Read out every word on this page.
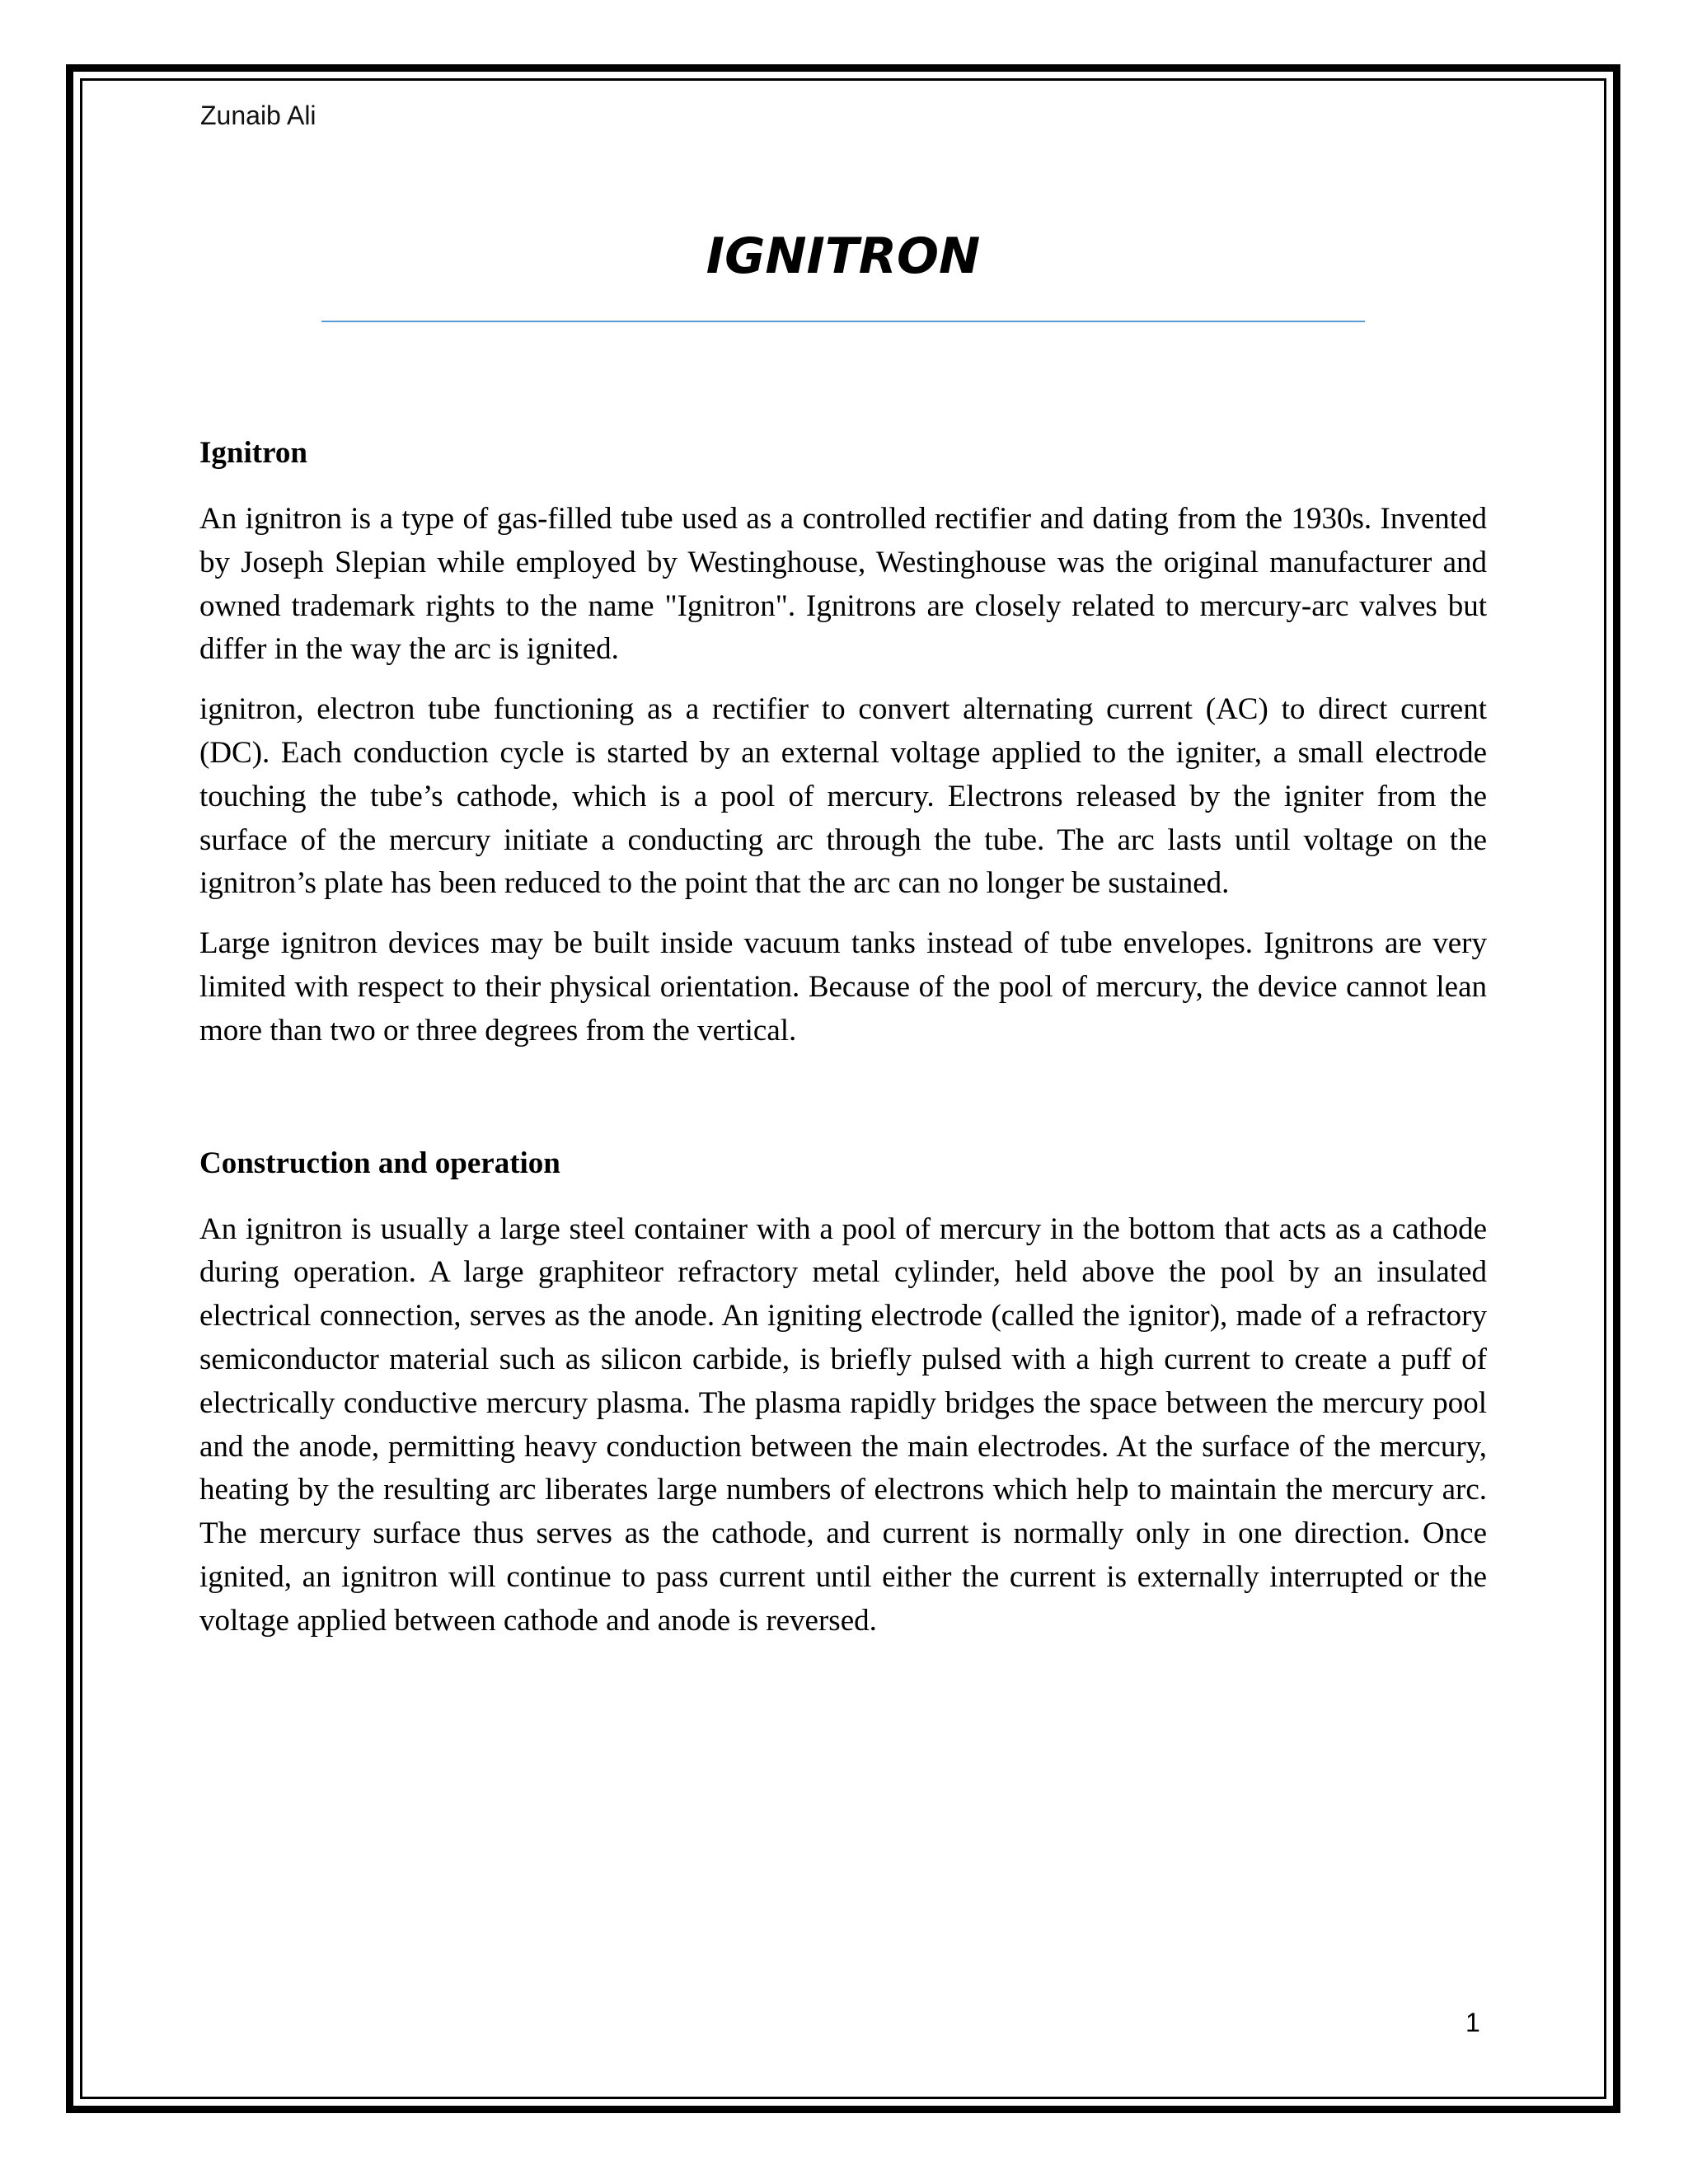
Zunaib Ali
IGNITRON
Ignitron

An ignitron is a type of gas-filled tube used as a controlled rectifier and dating from the 1930s. Invented by Joseph Slepian while employed by Westinghouse, Westinghouse was the original manufacturer and owned trademark rights to the name "Ignitron". Ignitrons are closely related to mercury-arc valves but differ in the way the arc is ignited.

ignitron, electron tube functioning as a rectifier to convert alternating current (AC) to direct current (DC). Each conduction cycle is started by an external voltage applied to the igniter, a small electrode touching the tube’s cathode, which is a pool of mercury. Electrons released by the igniter from the surface of the mercury initiate a conducting arc through the tube. The arc lasts until voltage on the ignitron’s plate has been reduced to the point that the arc can no longer be sustained.

Large ignitron devices may be built inside vacuum tanks instead of tube envelopes. Ignitrons are very limited with respect to their physical orientation. Because of the pool of mercury, the device cannot lean more than two or three degrees from the vertical.

Construction and operation

An ignitron is usually a large steel container with a pool of mercury in the bottom that acts as a cathode during operation. A large graphiteor refractory metal cylinder, held above the pool by an insulated electrical connection, serves as the anode. An igniting electrode (called the ignitor), made of a refractory semiconductor material such as silicon carbide, is briefly pulsed with a high current to create a puff of electrically conductive mercury plasma. The plasma rapidly bridges the space between the mercury pool and the anode, permitting heavy conduction between the main electrodes. At the surface of the mercury, heating by the resulting arc liberates large numbers of electrons which help to maintain the mercury arc. The mercury surface thus serves as the cathode, and current is normally only in one direction. Once ignited, an ignitron will continue to pass current until either the current is externally interrupted or the voltage applied between cathode and anode is reversed.

1
